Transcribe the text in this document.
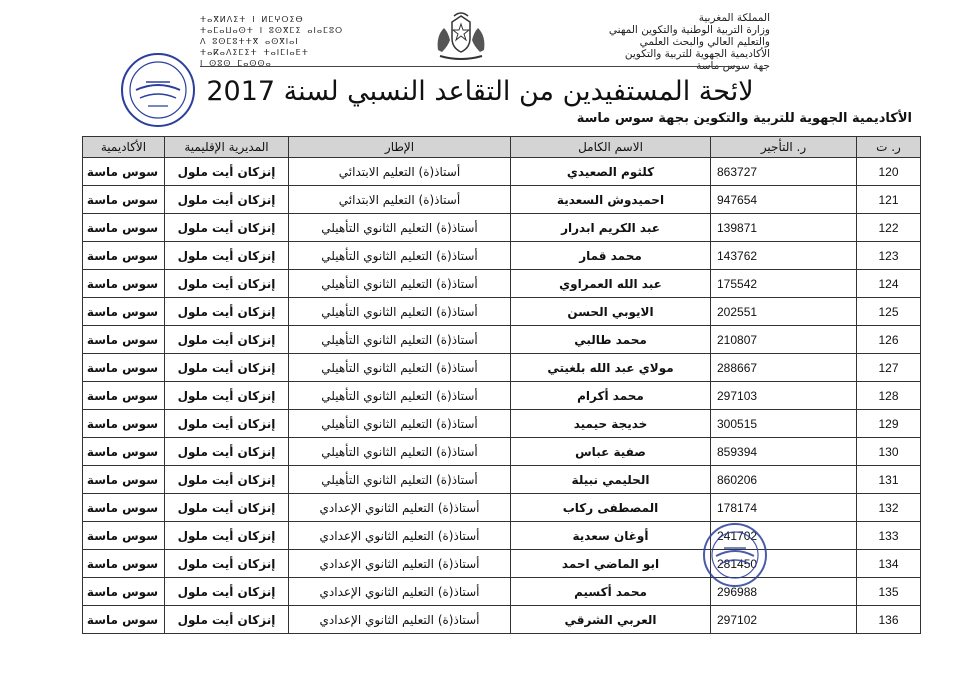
المملكة المغربية
وزارة التربية الوطنية والتكوين المهني
والتعليم العالي والبحث العلمي
الأكاديمية الجهوية للتربية والتكوين
جهة سوس ماسة
ⵜⴰⴳⵍⴷⵉⵜ ⵏ ⵍⵎⵖⵔⵉⴱ
ⵜⴰⵎⴰⵡⴰⵙⵜ ⵏ ⵓⵙⴳⵎⵉ ⴰⵏⴰⵎⵓⵔ
ⴷ ⵓⵙⵎⵓⵜⵜⴳ ⴰⵙⴳⵏⴰⵏ
ⵜⴰⴽⴰⴷⵉⵎⵉⵜ ⵜⴰⵏⵎⵏⴰⴹⵜ
ⵏ ⵙⵓⵙ ⵎⴰⵙⵙⴰ
لائحة المستفيدين من التقاعد النسبي لسنة 2017
الأكاديمية الجهوية للتربية والتكوين بجهة سوس ماسة
ر. ت	ر. التأجير	الاسم الكامل	الإطار	المديرية الإقليمية	الأكاديمية
120	863727	كلثوم الصعيدي	أستاذ(ة) التعليم الابتدائي	إنزكان أيت ملول	سوس ماسة
121	947654	احميدوش السعدية	أستاذ(ة) التعليم الابتدائي	إنزكان أيت ملول	سوس ماسة
122	139871	عبد الكريم ابدرار	أستاذ(ة) التعليم الثانوي التأهيلي	إنزكان أيت ملول	سوس ماسة
123	143762	محمد قمار	أستاذ(ة) التعليم الثانوي التأهيلي	إنزكان أيت ملول	سوس ماسة
124	175542	عبد الله العمراوي	أستاذ(ة) التعليم الثانوي التأهيلي	إنزكان أيت ملول	سوس ماسة
125	202551	الايوبي الحسن	أستاذ(ة) التعليم الثانوي التأهيلي	إنزكان أيت ملول	سوس ماسة
126	210807	محمد طالبي	أستاذ(ة) التعليم الثانوي التأهيلي	إنزكان أيت ملول	سوس ماسة
127	288667	مولاي عبد الله بلغيتي	أستاذ(ة) التعليم الثانوي التأهيلي	إنزكان أيت ملول	سوس ماسة
128	297103	محمد أكرام	أستاذ(ة) التعليم الثانوي التأهيلي	إنزكان أيت ملول	سوس ماسة
129	300515	خديجة حيميد	أستاذ(ة) التعليم الثانوي التأهيلي	إنزكان أيت ملول	سوس ماسة
130	859394	صفية عباس	أستاذ(ة) التعليم الثانوي التأهيلي	إنزكان أيت ملول	سوس ماسة
131	860206	الحليمي نبيلة	أستاذ(ة) التعليم الثانوي التأهيلي	إنزكان أيت ملول	سوس ماسة
132	178174	المصطفى ركاب	أستاذ(ة) التعليم الثانوي الإعدادي	إنزكان أيت ملول	سوس ماسة
133	241702	أوغان سعدية	أستاذ(ة) التعليم الثانوي الإعدادي	إنزكان أيت ملول	سوس ماسة
134	281450	ابو الماضي احمد	أستاذ(ة) التعليم الثانوي الإعدادي	إنزكان أيت ملول	سوس ماسة
135	296988	محمد أكسيم	أستاذ(ة) التعليم الثانوي الإعدادي	إنزكان أيت ملول	سوس ماسة
136	297102	العربي الشرقي	أستاذ(ة) التعليم الثانوي الإعدادي	إنزكان أيت ملول	سوس ماسة
